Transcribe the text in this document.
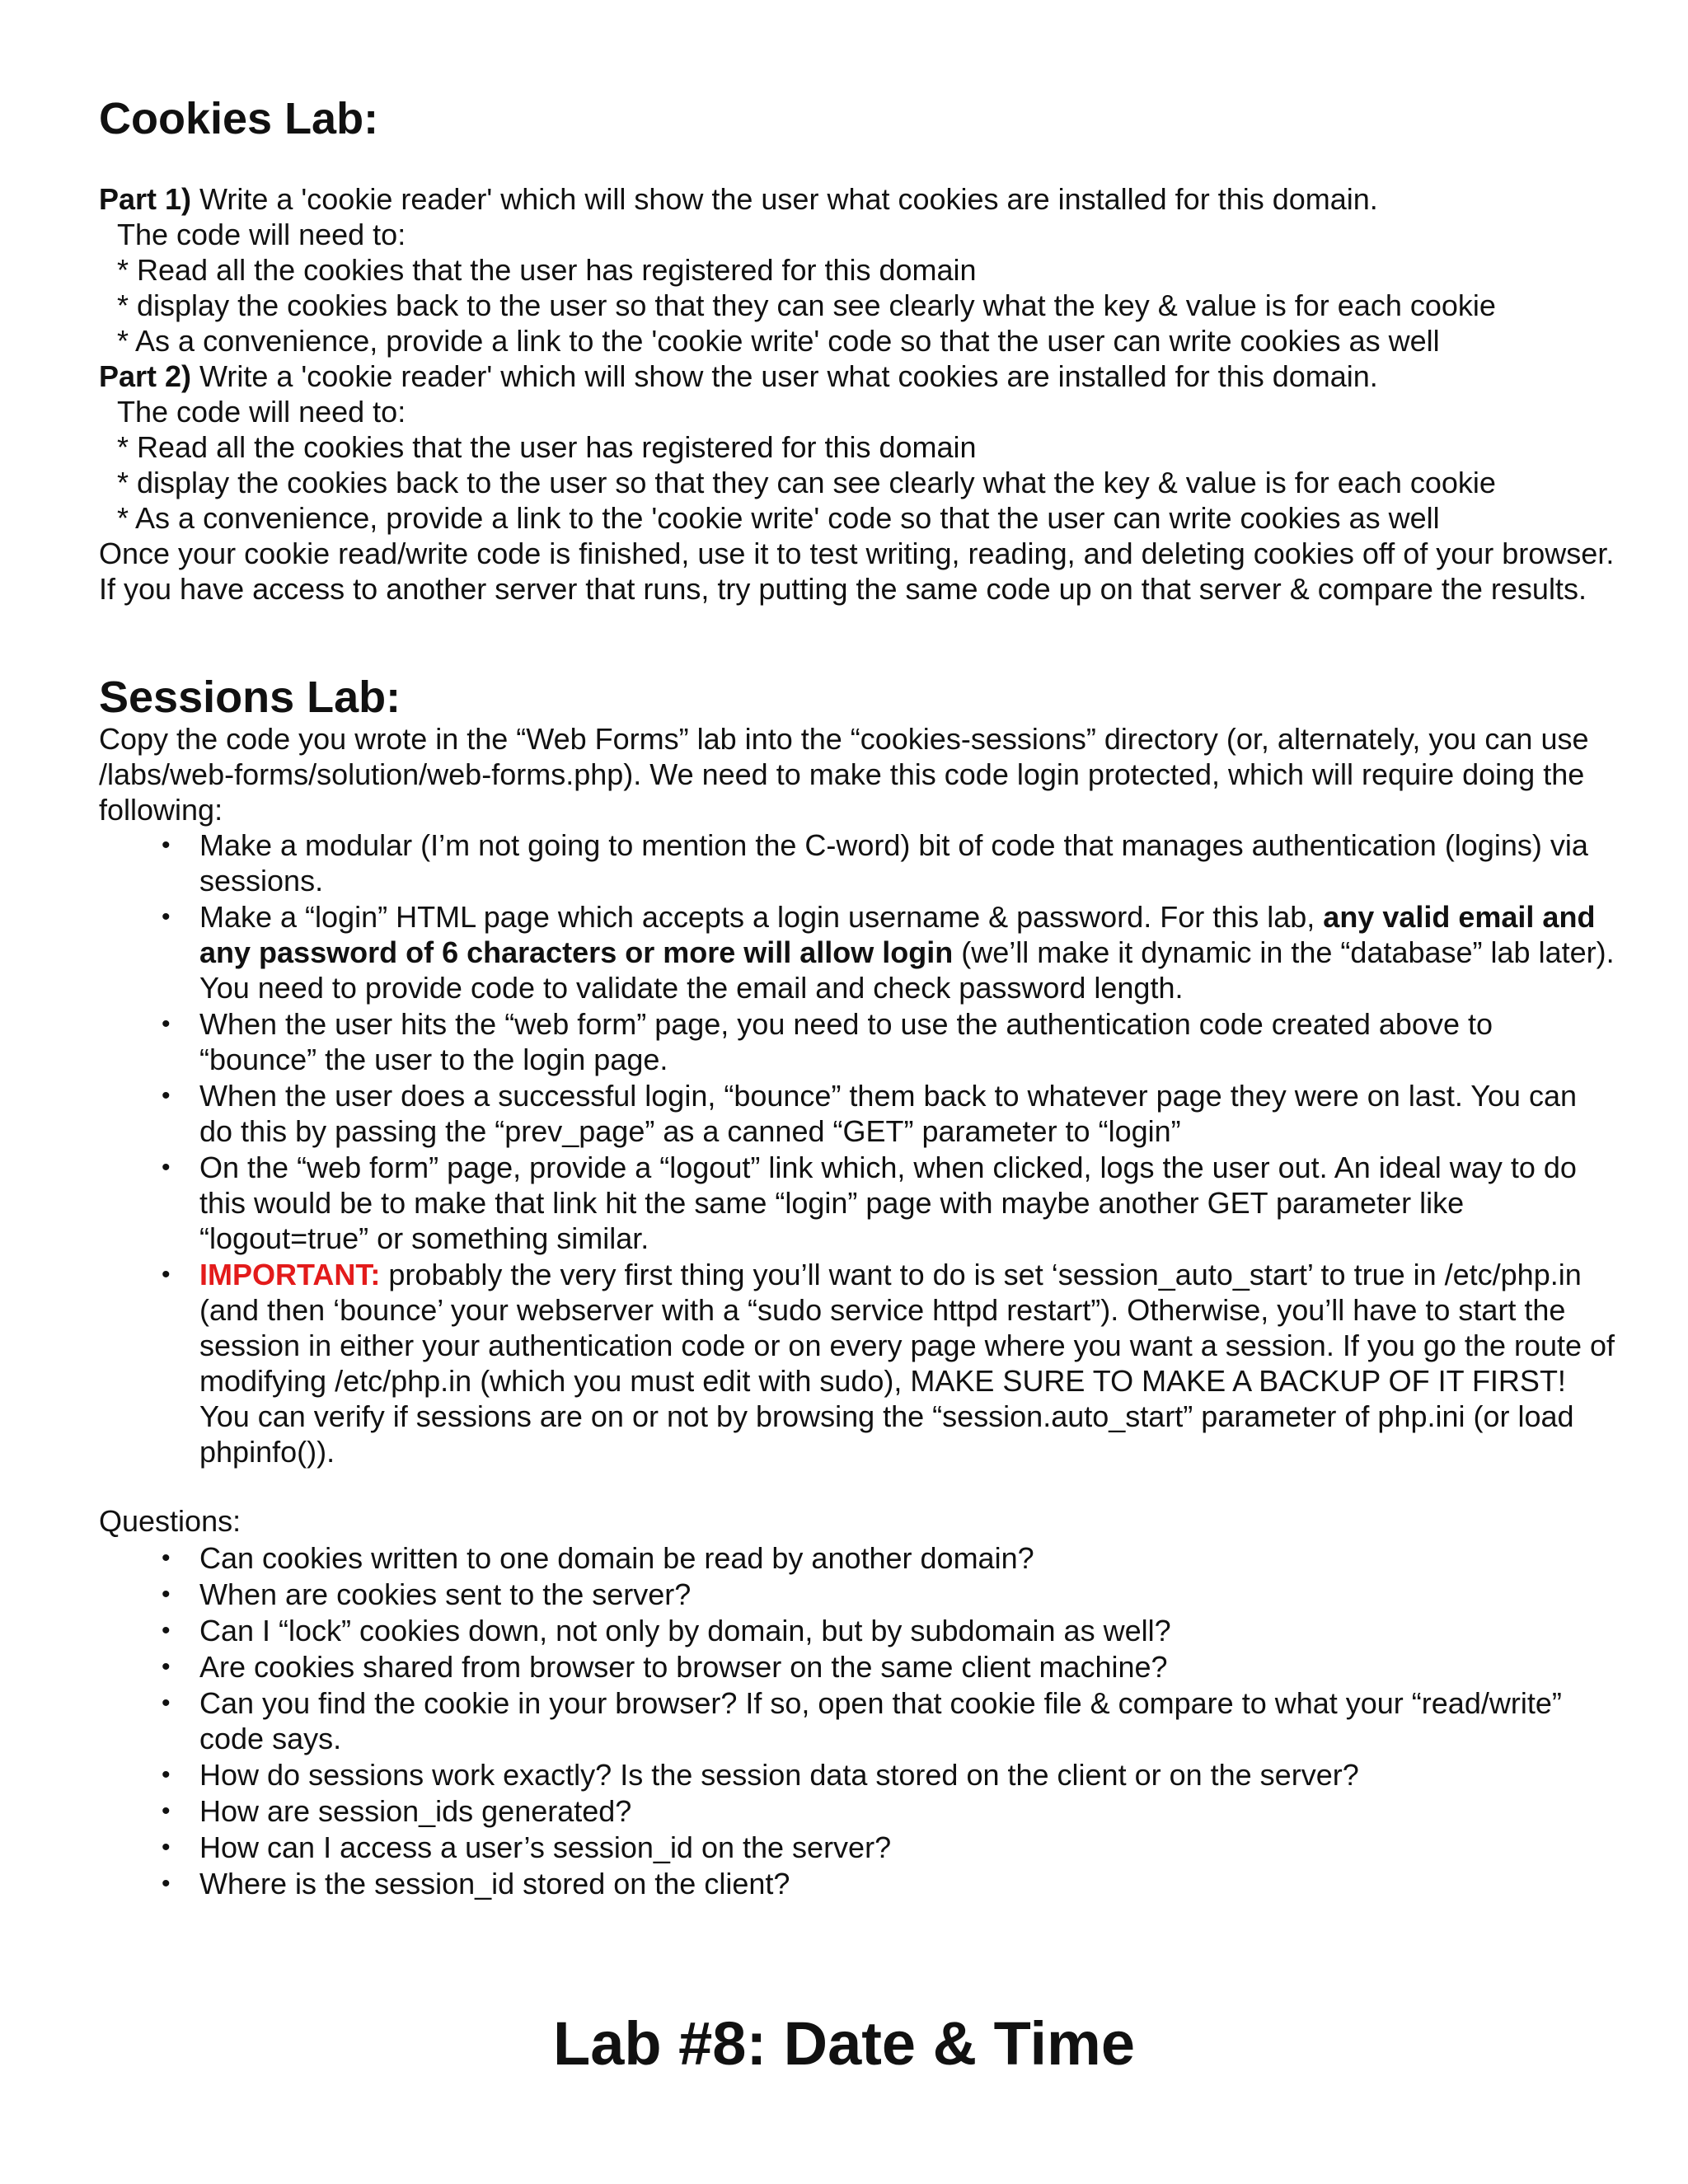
Cookies Lab:
Part 1) Write a 'cookie reader' which will show the user what cookies are installed for this domain.
The code will need to:
* Read all the cookies that the user has registered for this domain
* display the cookies back to the user so that they can see clearly what the key & value is for each cookie
* As a convenience, provide a link to the 'cookie write' code so that the user can write cookies as well
Part 2) Write a 'cookie reader' which will show the user what cookies are installed for this domain.
The code will need to:
* Read all the cookies that the user has registered for this domain
* display the cookies back to the user so that they can see clearly what the key & value is for each cookie
* As a convenience, provide a link to the 'cookie write' code so that the user can write cookies as well
Once your cookie read/write code is finished, use it to test writing, reading, and deleting cookies off of your browser. If you have access to another server that runs, try putting the same code up on that server & compare the results.
Sessions Lab:
Copy the code you wrote in the “Web Forms” lab into the “cookies-sessions” directory (or, alternately, you can use /labs/web-forms/solution/web-forms.php). We need to make this code login protected, which will require doing the following:
• Make a modular (I’m not going to mention the C-word) bit of code that manages authentication (logins) via sessions.
• Make a “login” HTML page which accepts a login username & password. For this lab, any valid email and any password of 6 characters or more will allow login (we’ll make it dynamic in the “database” lab later). You need to provide code to validate the email and check password length.
• When the user hits the “web form” page, you need to use the authentication code created above to “bounce” the user to the login page.
• When the user does a successful login, “bounce” them back to whatever page they were on last. You can do this by passing the “prev_page” as a canned “GET” parameter to “login”
• On the “web form” page, provide a “logout” link which, when clicked, logs the user out. An ideal way to do this would be to make that link hit the same “login” page with maybe another GET parameter like “logout=true” or something similar.
• IMPORTANT: probably the very first thing you’ll want to do is set ‘session_auto_start’ to true in /etc/php.in (and then ‘bounce’ your webserver with a “sudo service httpd restart”). Otherwise, you’ll have to start the session in either your authentication code or on every page where you want a session. If you go the route of modifying /etc/php.in (which you must edit with sudo), MAKE SURE TO MAKE A BACKUP OF IT FIRST! You can verify if sessions are on or not by browsing the “session.auto_start” parameter of php.ini (or load phpinfo()).
Questions:
• Can cookies written to one domain be read by another domain?
• When are cookies sent to the server?
• Can I “lock” cookies down, not only by domain, but by subdomain as well?
• Are cookies shared from browser to browser on the same client machine?
• Can you find the cookie in your browser? If so, open that cookie file & compare to what your “read/write” code says.
• How do sessions work exactly? Is the session data stored on the client or on the server?
• How are session_ids generated?
• How can I access a user’s session_id on the server?
• Where is the session_id stored on the client?
Lab #8: Date & Time
